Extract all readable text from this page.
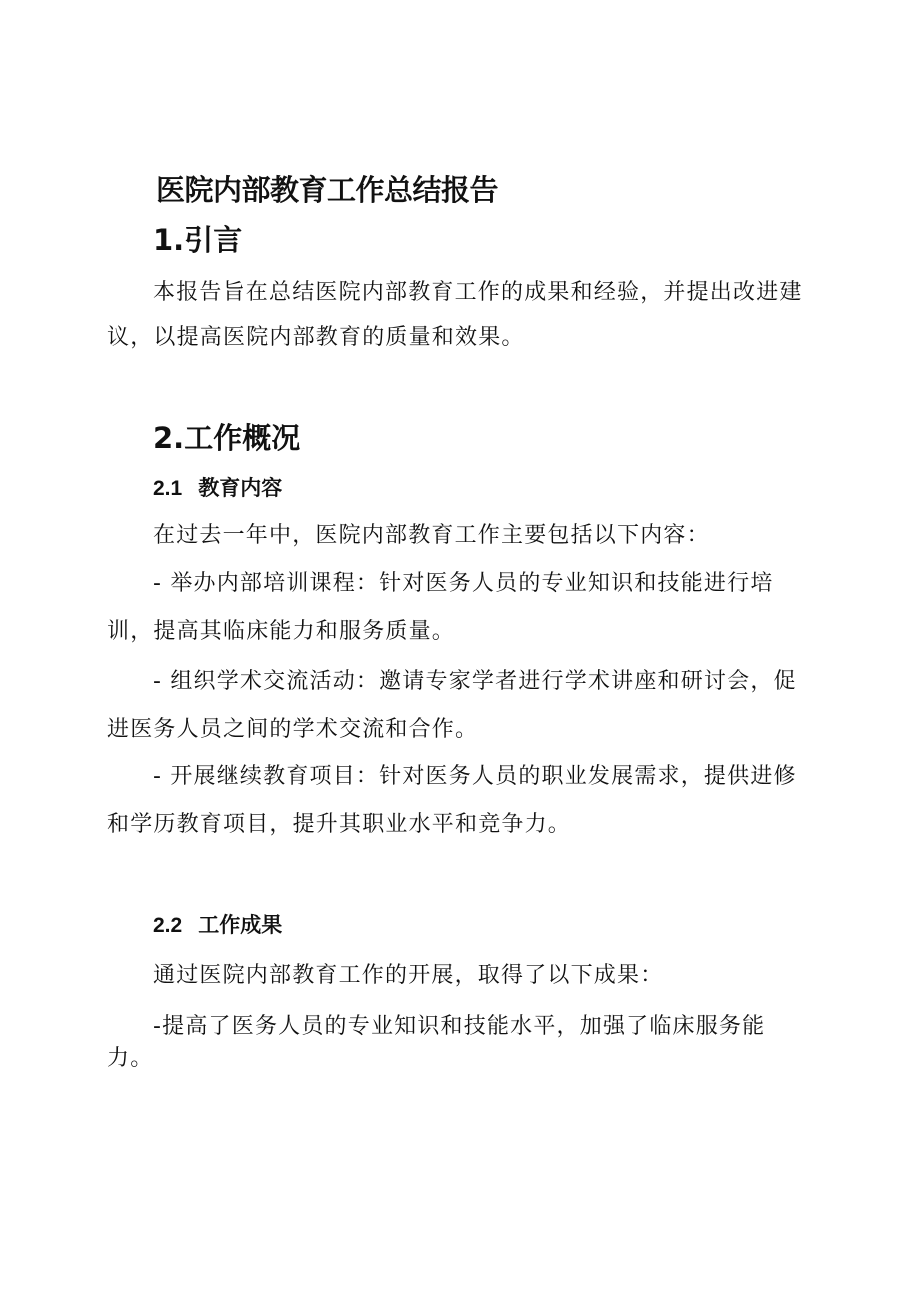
医院内部教育工作总结报告
1.引言

本报告旨在总结医院内部教育工作的成果和经验，并提出改进建

议，以提高医院内部教育的质量和效果。

2.工作概况
2.1 教育内容

在过去一年中，医院内部教育工作主要包括以下内容：

- 举办内部培训课程：针对医务人员的专业知识和技能进行培

训，提高其临床能力和服务质量。

- 组织学术交流活动：邀请专家学者进行学术讲座和研讨会，促

进医务人员之间的学术交流和合作。

- 开展继续教育项目：针对医务人员的职业发展需求，提供进修

和学历教育项目，提升其职业水平和竞争力。

2.2 工作成果

通过医院内部教育工作的开展，取得了以下成果：

-提高了医务人员的专业知识和技能水平，加强了临床服务能

力。
